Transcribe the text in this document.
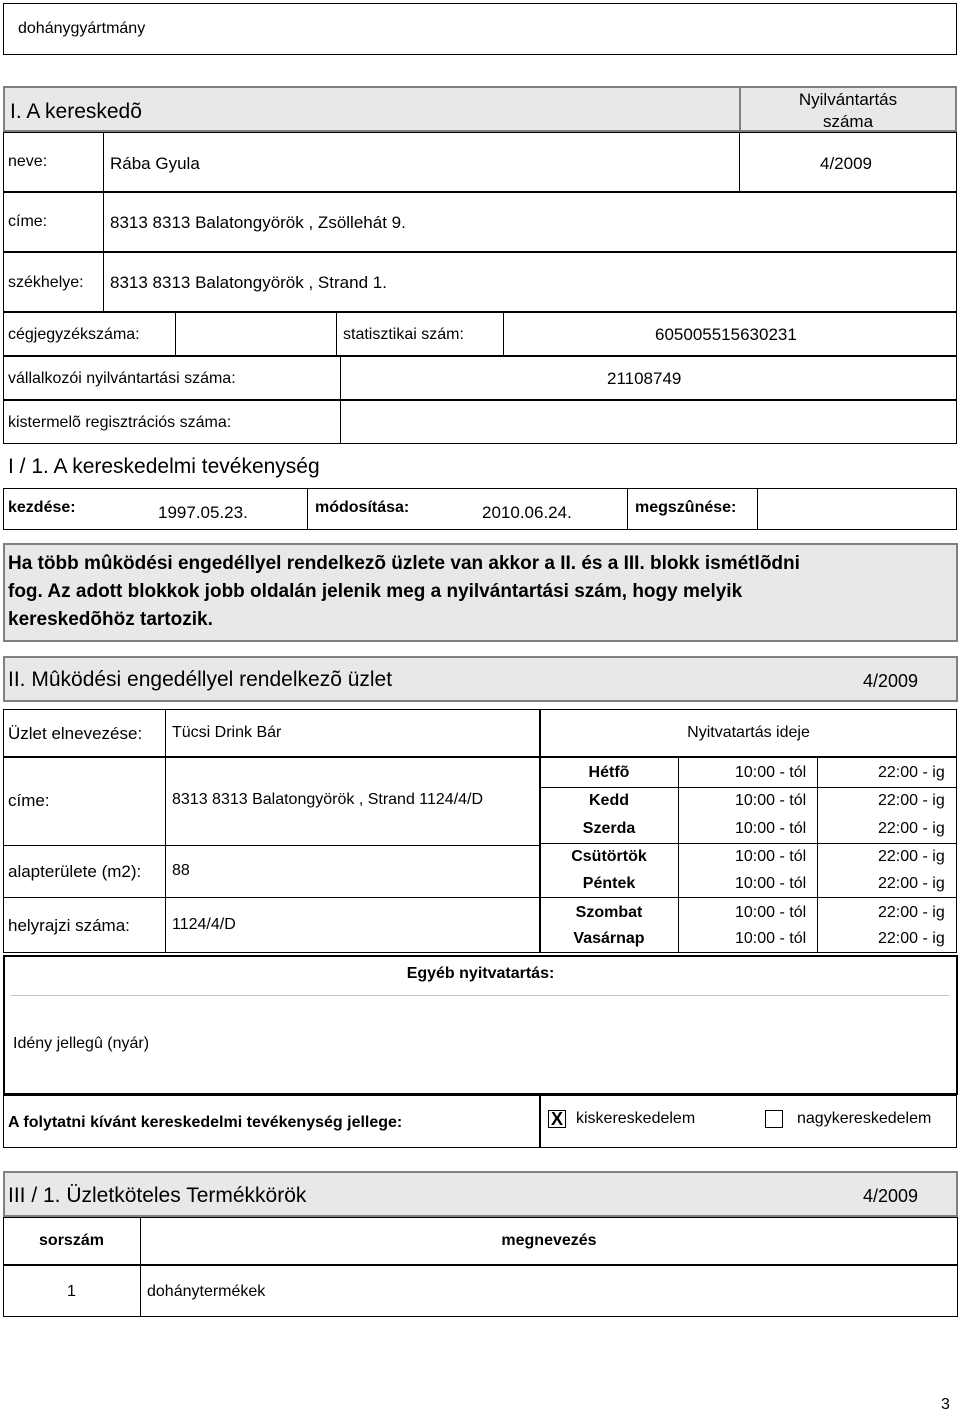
dohánygyártmány
I. A kereskedõ
Nyilvántartás
száma
neve:	Rába Gyula	4/2009
címe:	8313 8313 Balatongyörök , Zsöllehát 9.
székhelye: 8313 8313 Balatongyörök , Strand 1.
cégjegyzékszáma:	statisztikai szám:	605005515630231
vállalkozói nyilvántartási száma:	21108749
kistermelõ regisztrációs száma:
I / 1. A kereskedelmi tevékenység
kezdése:	1997.05.23.	módosítása:	2010.06.24.	megszûnése:
Ha több mûködési engedéllyel rendelkezõ üzlete van akkor a II. és a III. blokk ismétlõdni
fog. Az adott blokkok jobb oldalán jelenik meg a nyilvántartási szám, hogy melyik
kereskedõhöz tartozik.
II. Mûködési engedéllyel rendelkezõ üzlet	4/2009
Üzlet elnevezése: Tücsi Drink Bár	Nyitvatartás ideje
címe:	8313 8313 Balatongyörök , Strand 1124/4/D
alapterülete (m2): 88
helyrajzi száma:	1124/4/D
Hétfõ	10:00 - tól	22:00 - ig
Kedd	10:00 - tól	22:00 - ig
Szerda	10:00 - tól	22:00 - ig
Csütörtök	10:00 - tól	22:00 - ig
Péntek	10:00 - tól	22:00 - ig
Szombat	10:00 - tól	22:00 - ig
Vasárnap	10:00 - tól	22:00 - ig
Egyéb nyitvatartás:
Idény jellegû (nyár)
A folytatni kívánt kereskedelmi tevékenység jellege:	X kiskereskedelem	nagykereskedelem
III / 1. Üzletköteles Termékkörök	4/2009
sorszám	megnevezés
1	dohánytermékek
3
